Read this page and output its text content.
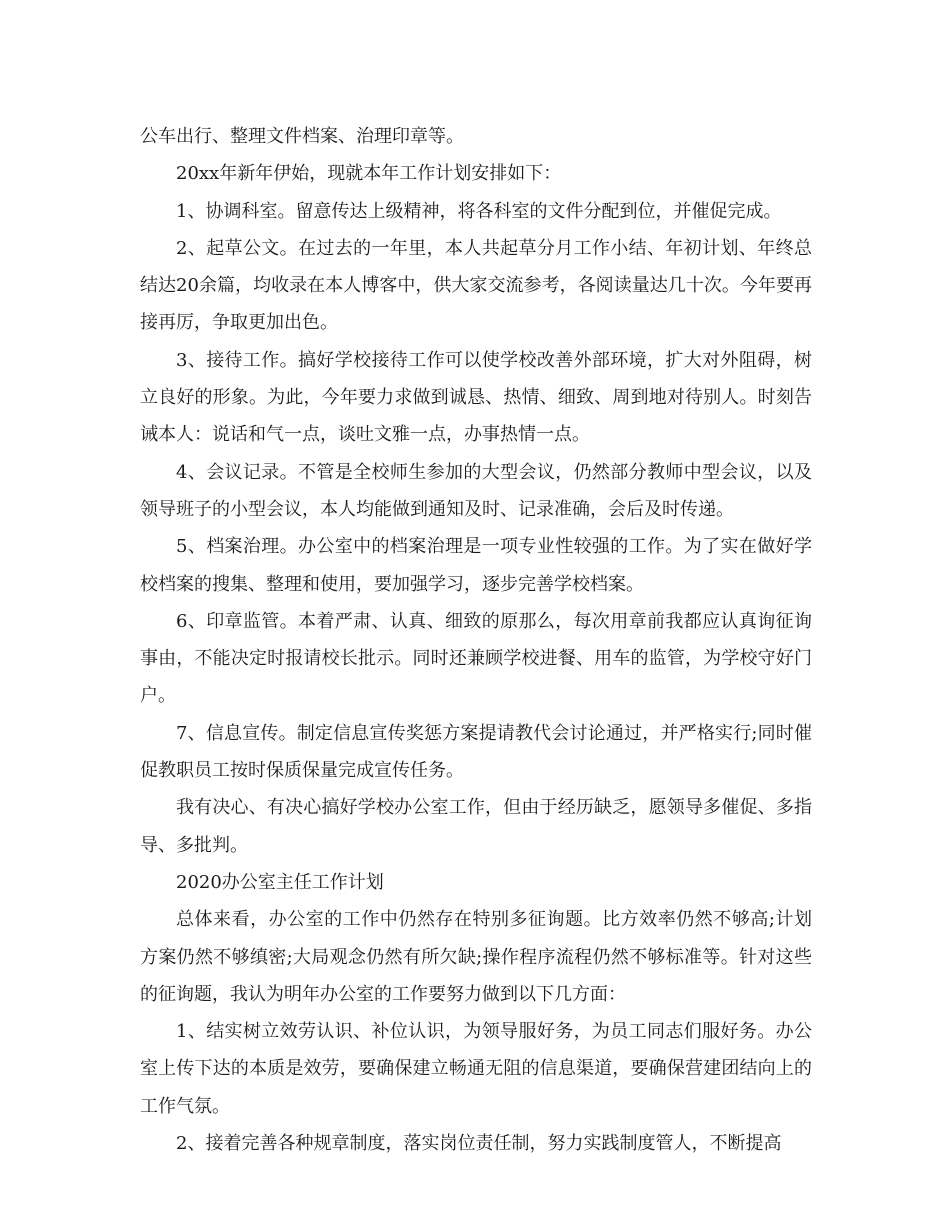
公车出行、整理文件档案、治理印章等。

20xx年新年伊始，现就本年工作计划安排如下：

1、协调科室。留意传达上级精神，将各科室的文件分配到位，并催促完成。

2、起草公文。在过去的一年里，本人共起草分月工作小结、年初计划、年终总结达20余篇，均收录在本人博客中，供大家交流参考，各阅读量达几十次。今年要再接再厉，争取更加出色。

3、接待工作。搞好学校接待工作可以使学校改善外部环境，扩大对外阻碍，树立良好的形象。为此，今年要力求做到诚恳、热情、细致、周到地对待别人。时刻告诫本人：说话和气一点，谈吐文雅一点，办事热情一点。

4、会议记录。不管是全校师生参加的大型会议，仍然部分教师中型会议，以及领导班子的小型会议，本人均能做到通知及时、记录准确，会后及时传递。

5、档案治理。办公室中的档案治理是一项专业性较强的工作。为了实在做好学校档案的搜集、整理和使用，要加强学习，逐步完善学校档案。

6、印章监管。本着严肃、认真、细致的原那么，每次用章前我都应认真询征询事由，不能决定时报请校长批示。同时还兼顾学校进餐、用车的监管，为学校守好门户。

7、信息宣传。制定信息宣传奖惩方案提请教代会讨论通过，并严格实行;同时催促教职员工按时保质保量完成宣传任务。

我有决心、有决心搞好学校办公室工作，但由于经历缺乏，愿领导多催促、多指导、多批判。

2020办公室主任工作计划

总体来看，办公室的工作中仍然存在特别多征询题。比方效率仍然不够高;计划方案仍然不够缜密;大局观念仍然有所欠缺;操作程序流程仍然不够标准等。针对这些的征询题，我认为明年办公室的工作要努力做到以下几方面：

1、结实树立效劳认识、补位认识，为领导服好务，为员工同志们服好务。办公室上传下达的本质是效劳，要确保建立畅通无阻的信息渠道，要确保营建团结向上的工作气氛。

2、接着完善各种规章制度，落实岗位责任制，努力实践制度管人，不断提高
